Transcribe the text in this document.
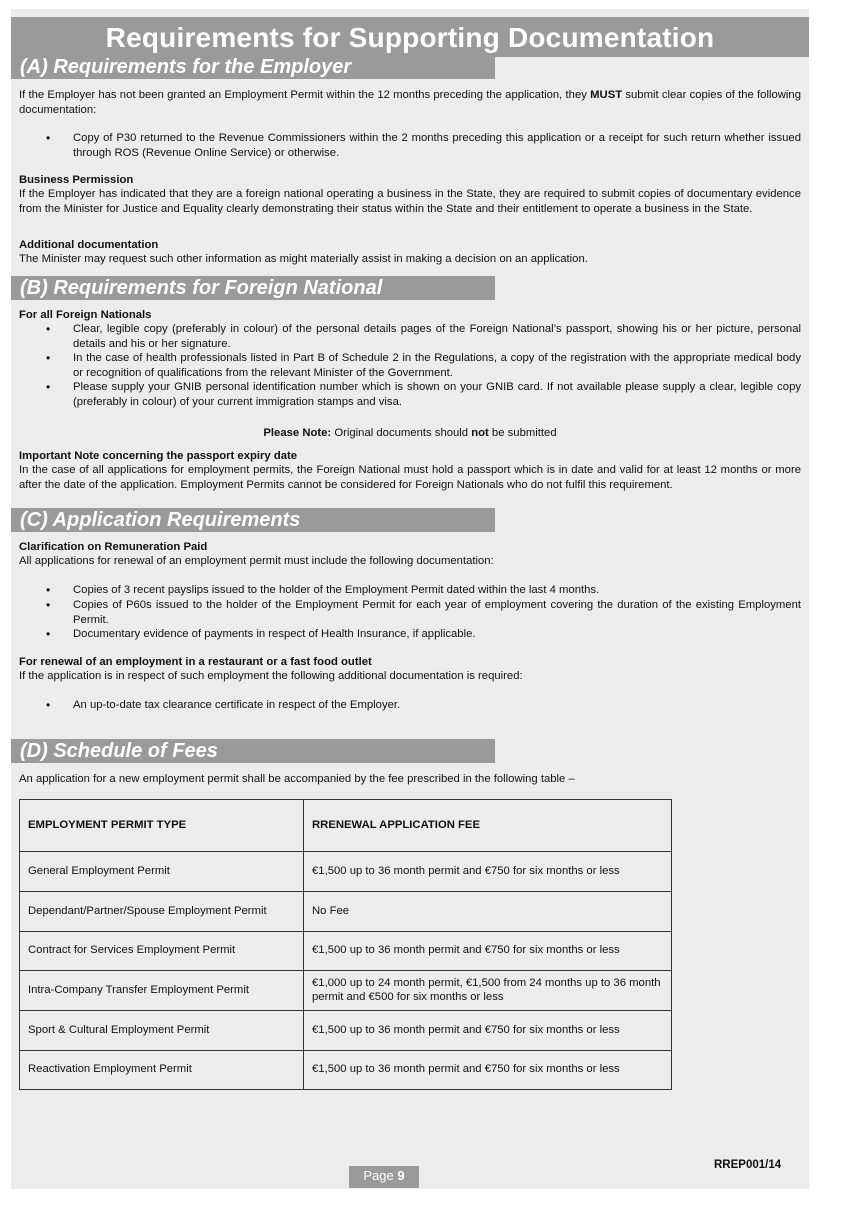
Requirements for Supporting Documentation
(A) Requirements for the Employer

If the Employer has not been granted an Employment Permit within the 12 months preceding the application, they MUST submit clear copies of the following documentation:

• Copy of P30 returned to the Revenue Commissioners within the 2 months preceding this application or a receipt for such return whether issued through ROS (Revenue Online Service) or otherwise.

Business Permission

If the Employer has indicated that they are a foreign national operating a business in the State, they are required to submit copies of documentary evidence from the Minister for Justice and Equality clearly demonstrating their status within the State and their entitlement to operate a business in the State.

Additional documentation

The Minister may request such other information as might materially assist in making a decision on an application.

(B) Requirements for Foreign National

For all Foreign Nationals

• Clear, legible copy (preferably in colour) of the personal details pages of the Foreign National’s passport, showing his or her picture, personal details and his or her signature.

• In the case of health professionals listed in Part B of Schedule 2 in the Regulations, a copy of the registration with the appropriate medical body or recognition of qualifications from the relevant Minister of the Government.

• Please supply your GNIB personal identification number which is shown on your GNIB card. If not available please supply a clear, legible copy (preferably in colour) of your current immigration stamps and visa.

Please Note: Original documents should not be submitted

Important Note concerning the passport expiry date

In the case of all applications for employment permits, the Foreign National must hold a passport which is in date and valid for at least 12 months or more after the date of the application. Employment Permits cannot be considered for Foreign Nationals who do not fulfil this requirement.

(C) Application Requirements

Clarification on Remuneration Paid

All applications for renewal of an employment permit must include the following documentation:

• Copies of 3 recent payslips issued to the holder of the Employment Permit dated within the last 4 months.

• Copies of P60s issued to the holder of the Employment Permit for each year of employment covering the duration of the existing Employment Permit.

• Documentary evidence of payments in respect of Health Insurance, if applicable.

For renewal of an employment in a restaurant or a fast food outlet

If the application is in respect of such employment the following additional documentation is required:

• An up-to-date tax clearance certificate in respect of the Employer.

(D) Schedule of Fees

An application for a new employment permit shall be accompanied by the fee prescribed in the following table –

EMPLOYMENT PERMIT TYPE	RRENEWAL APPLICATION FEE
General Employment Permit	€1,500 up to 36 month permit and €750 for six months or less
Dependant/Partner/Spouse Employment Permit	No Fee
Contract for Services Employment Permit	€1,500 up to 36 month permit and €750 for six months or less
Intra-Company Transfer Employment Permit	€1,000 up to 24 month permit, €1,500 from 24 months up to 36 month permit and €500 for six months or less
Sport & Cultural Employment Permit	€1,500 up to 36 month permit and €750 for six months or less
Reactivation Employment Permit	€1,500 up to 36 month permit and €750 for six months or less
Page 9
RREP001/14
